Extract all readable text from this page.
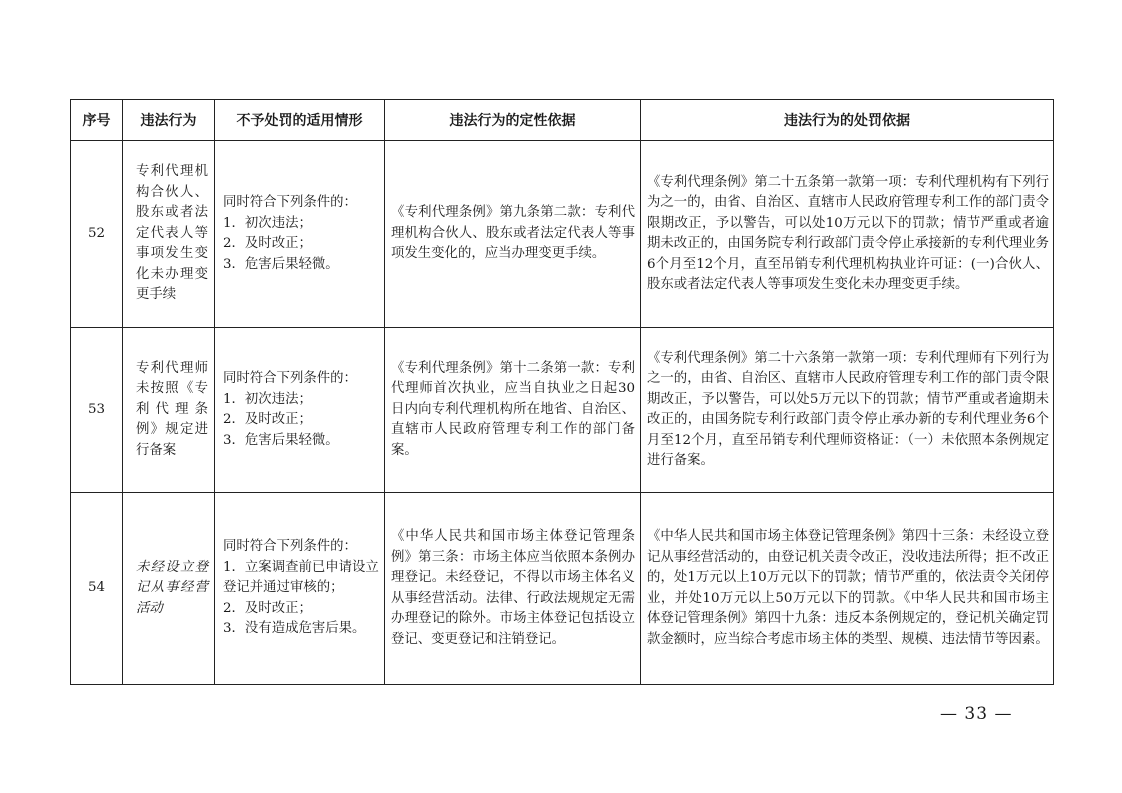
序号	违法行为	不予处罚的适用情形	违法行为的定性依据	违法行为的处罚依据
52	专利代理机构合伙人、股东或者法定代表人等事项发生变化未办理变更手续	同时符合下列条件的：
1．初次违法；
2．及时改正；
3．危害后果轻微。	《专利代理条例》第九条第二款：专利代理机构合伙人、股东或者法定代表人等事项发生变化的，应当办理变更手续。	《专利代理条例》第二十五条第一款第一项：专利代理机构有下列行为之一的，由省、自治区、直辖市人民政府管理专利工作的部门责令限期改正，予以警告，可以处10万元以下的罚款；情节严重或者逾期未改正的，由国务院专利行政部门责令停止承接新的专利代理业务6个月至12个月，直至吊销专利代理机构执业许可证：(一)合伙人、股东或者法定代表人等事项发生变化未办理变更手续。
53	专利代理师未按照《专利代理条例》规定进行备案	同时符合下列条件的：
1．初次违法；
2．及时改正；
3．危害后果轻微。	《专利代理条例》第十二条第一款：专利代理师首次执业，应当自执业之日起30日内向专利代理机构所在地省、自治区、直辖市人民政府管理专利工作的部门备案。	《专利代理条例》第二十六条第一款第一项：专利代理师有下列行为之一的，由省、自治区、直辖市人民政府管理专利工作的部门责令限期改正，予以警告，可以处5万元以下的罚款；情节严重或者逾期未改正的，由国务院专利行政部门责令停止承办新的专利代理业务6个月至12个月，直至吊销专利代理师资格证：（一）未依照本条例规定进行备案。
54	未经设立登记从事经营活动	同时符合下列条件的：
1．立案调查前已申请设立登记并通过审核的；
2．及时改正；
3．没有造成危害后果。	《中华人民共和国市场主体登记管理条例》第三条：市场主体应当依照本条例办理登记。未经登记，不得以市场主体名义从事经营活动。法律、行政法规规定无需办理登记的除外。市场主体登记包括设立登记、变更登记和注销登记。	《中华人民共和国市场主体登记管理条例》第四十三条：未经设立登记从事经营活动的，由登记机关责令改正，没收违法所得；拒不改正的，处1万元以上10万元以下的罚款；情节严重的，依法责令关闭停业，并处10万元以上50万元以下的罚款。《中华人民共和国市场主体登记管理条例》第四十九条：违反本条例规定的，登记机关确定罚款金额时，应当综合考虑市场主体的类型、规模、违法情节等因素。
— 33 —
